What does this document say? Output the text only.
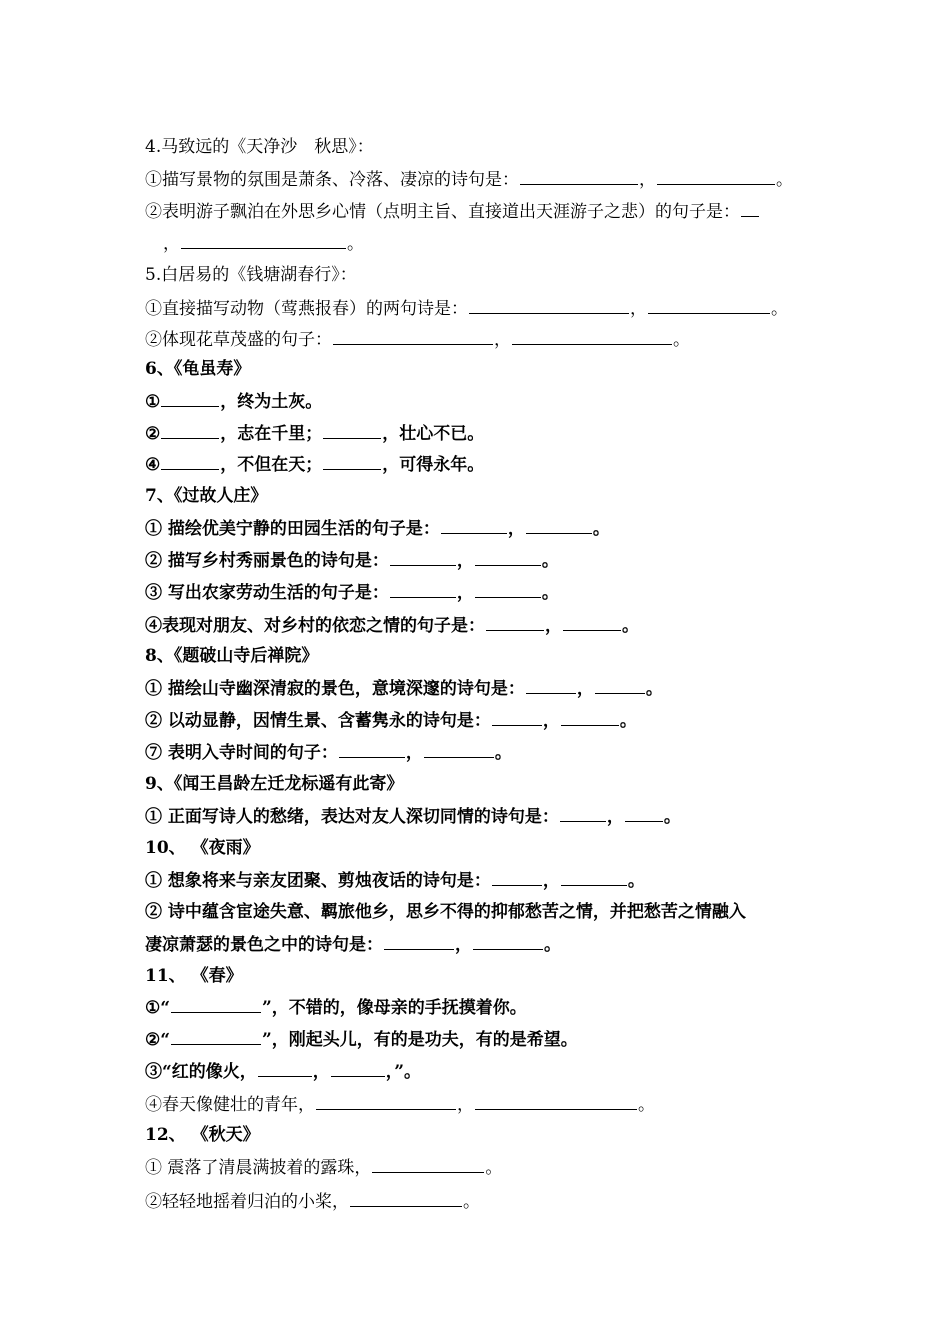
4.马致远的《天净沙　秋思》：
①描写景物的氛围是萧条、冷落、凄凉的诗句是：	，	。
②表明游子飘泊在外思乡心情（点明主旨、直接道出天涯游子之悲）的句子是：
，	。
5.白居易的《钱塘湖春行》：
①直接描写动物（莺燕报春）的两句诗是：	，	。
②体现花草茂盛的句子：	，	。
6、《龟虽寿》
①	，终为土灰。
②	，志在千里；	，壮心不已。
④	，不但在天；	，可得永年。
7、《过故人庄》
① 描绘优美宁静的田园生活的句子是：	，	。
② 描写乡村秀丽景色的诗句是：	，	。
③ 写出农家劳动生活的句子是：	，	。
④表现对朋友、对乡村的依恋之情的句子是：	，	。
8、《题破山寺后禅院》
① 描绘山寺幽深清寂的景色，意境深邃的诗句是：	，	。
② 以动显静，因情生景、含蓄隽永的诗句是：	，	。
⑦ 表明入寺时间的句子：	，	。
9、《闻王昌龄左迁龙标遥有此寄》
① 正面写诗人的愁绪，表达对友人深切同情的诗句是：	， 。
10、 《夜雨》
① 想象将来与亲友团聚、剪烛夜话的诗句是：	，	。
② 诗中蕴含宦途失意、羁旅他乡，思乡不得的抑郁愁苦之情，并把愁苦之情融入
凄凉萧瑟的景色之中的诗句是：	，	。
11、 《春》
①“	”，不错的，像母亲的手抚摸着你。
②“	”，刚起头儿，有的是功夫，有的是希望。
③“红的像火，	，	，”。
④春天像健壮的青年，	，	。
12、 《秋天》
① 震落了清晨满披着的露珠，	。
②轻轻地摇着归泊的小桨，	。
